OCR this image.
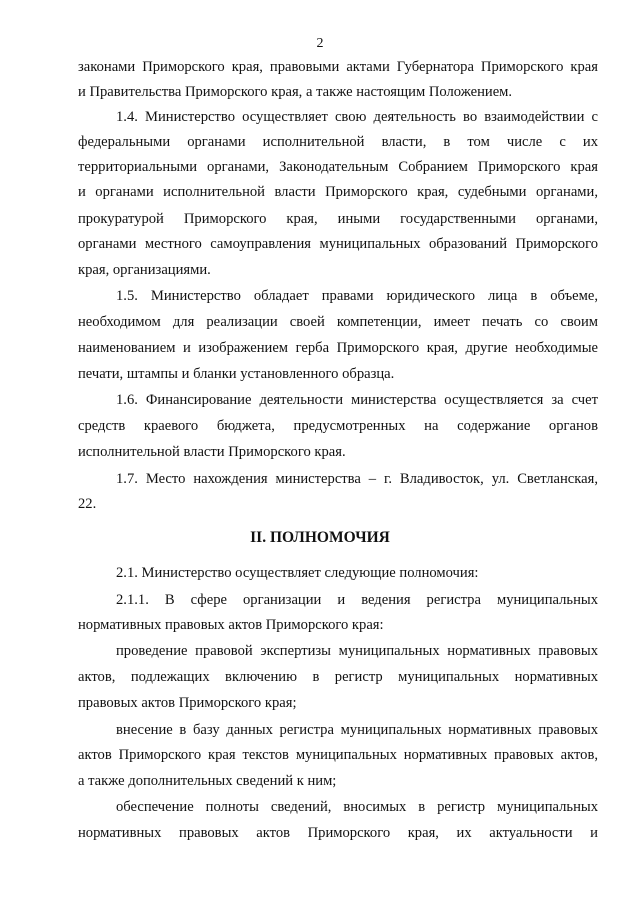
2
законами Приморского края, правовыми актами Губернатора Приморского края
и Правительства Приморского края, а также настоящим Положением.
1.4. Министерство осуществляет свою деятельность во взаимодействии с
федеральными органами исполнительной власти, в том числе с их
территориальными органами, Законодательным Собранием Приморского края
и органами исполнительной власти Приморского края, судебными органами,
прокуратурой Приморского края, иными государственными органами,
органами местного самоуправления муниципальных образований Приморского
края, организациями.
1.5. Министерство обладает правами юридического лица в объеме,
необходимом для реализации своей компетенции, имеет печать со своим
наименованием и изображением герба Приморского края, другие необходимые
печати, штампы и бланки установленного образца.
1.6. Финансирование деятельности министерства осуществляется за счет
средств краевого бюджета, предусмотренных на содержание органов
исполнительной власти Приморского края.
1.7. Место нахождения министерства – г. Владивосток, ул. Светланская,
22.
II. ПОЛНОМОЧИЯ
2.1. Министерство осуществляет следующие полномочия:
2.1.1. В сфере организации и ведения регистра муниципальных
нормативных правовых актов Приморского края:
проведение правовой экспертизы муниципальных нормативных правовых
актов, подлежащих включению в регистр муниципальных нормативных
правовых актов Приморского края;
внесение в базу данных регистра муниципальных нормативных правовых
актов Приморского края текстов муниципальных нормативных правовых актов,
а также дополнительных сведений к ним;
обеспечение полноты сведений, вносимых в регистр муниципальных
нормативных правовых актов Приморского края, их актуальности и
